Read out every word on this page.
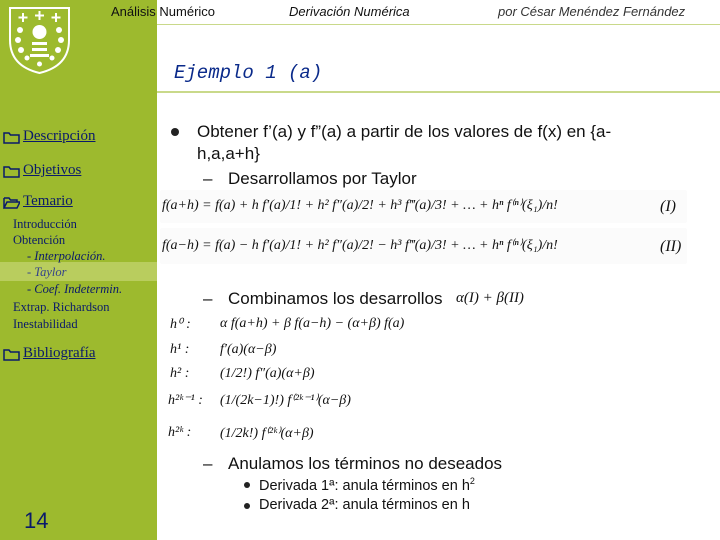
Análisis Numérico	Derivación Numérica	por César Menéndez Fernández
Ejemplo 1 (a)
Descripción
Objetivos
Temario
Introducción
Obtención
- Interpolación.
- Taylor
- Coef. Indetermin.
Extrap. Richardson
Inestabilidad
Bibliografía
14
Obtener f’(a) y f”(a) a partir de los valores de f(x) en {a-
h,a,a+h}
– Desarrollamos por Taylor
f(a+h) = f(a) + h f′(a)/1! + h² f″(a)/2! + h³ f‴(a)/3! + … + hⁿ f⁽ⁿ⁾(ξ₁)/n!	(I)
f(a−h) = f(a) − h f′(a)/1! + h² f″(a)/2! − h³ f‴(a)/3! + … + hⁿ f⁽ⁿ⁾(ξ₁)/n!	(II)
– Combinamos los desarrollos α(I) + β(II)
h⁰ : α f(a+h) + β f(a−h) − (α+β) f(a)
h¹ : f′(a)(α−β)
h² : (1/2!) f″(a)(α+β)
h²ᵏ⁻¹ : (1/(2k−1)!) f⁽²ᵏ⁻¹⁾(α−β)
h²ᵏ : (1/2k!) f⁽²ᵏ⁾(α+β)
– Anulamos los términos no deseados
Derivada 1ª: anula términos en $h^2$
Derivada 2ª: anula términos en h
